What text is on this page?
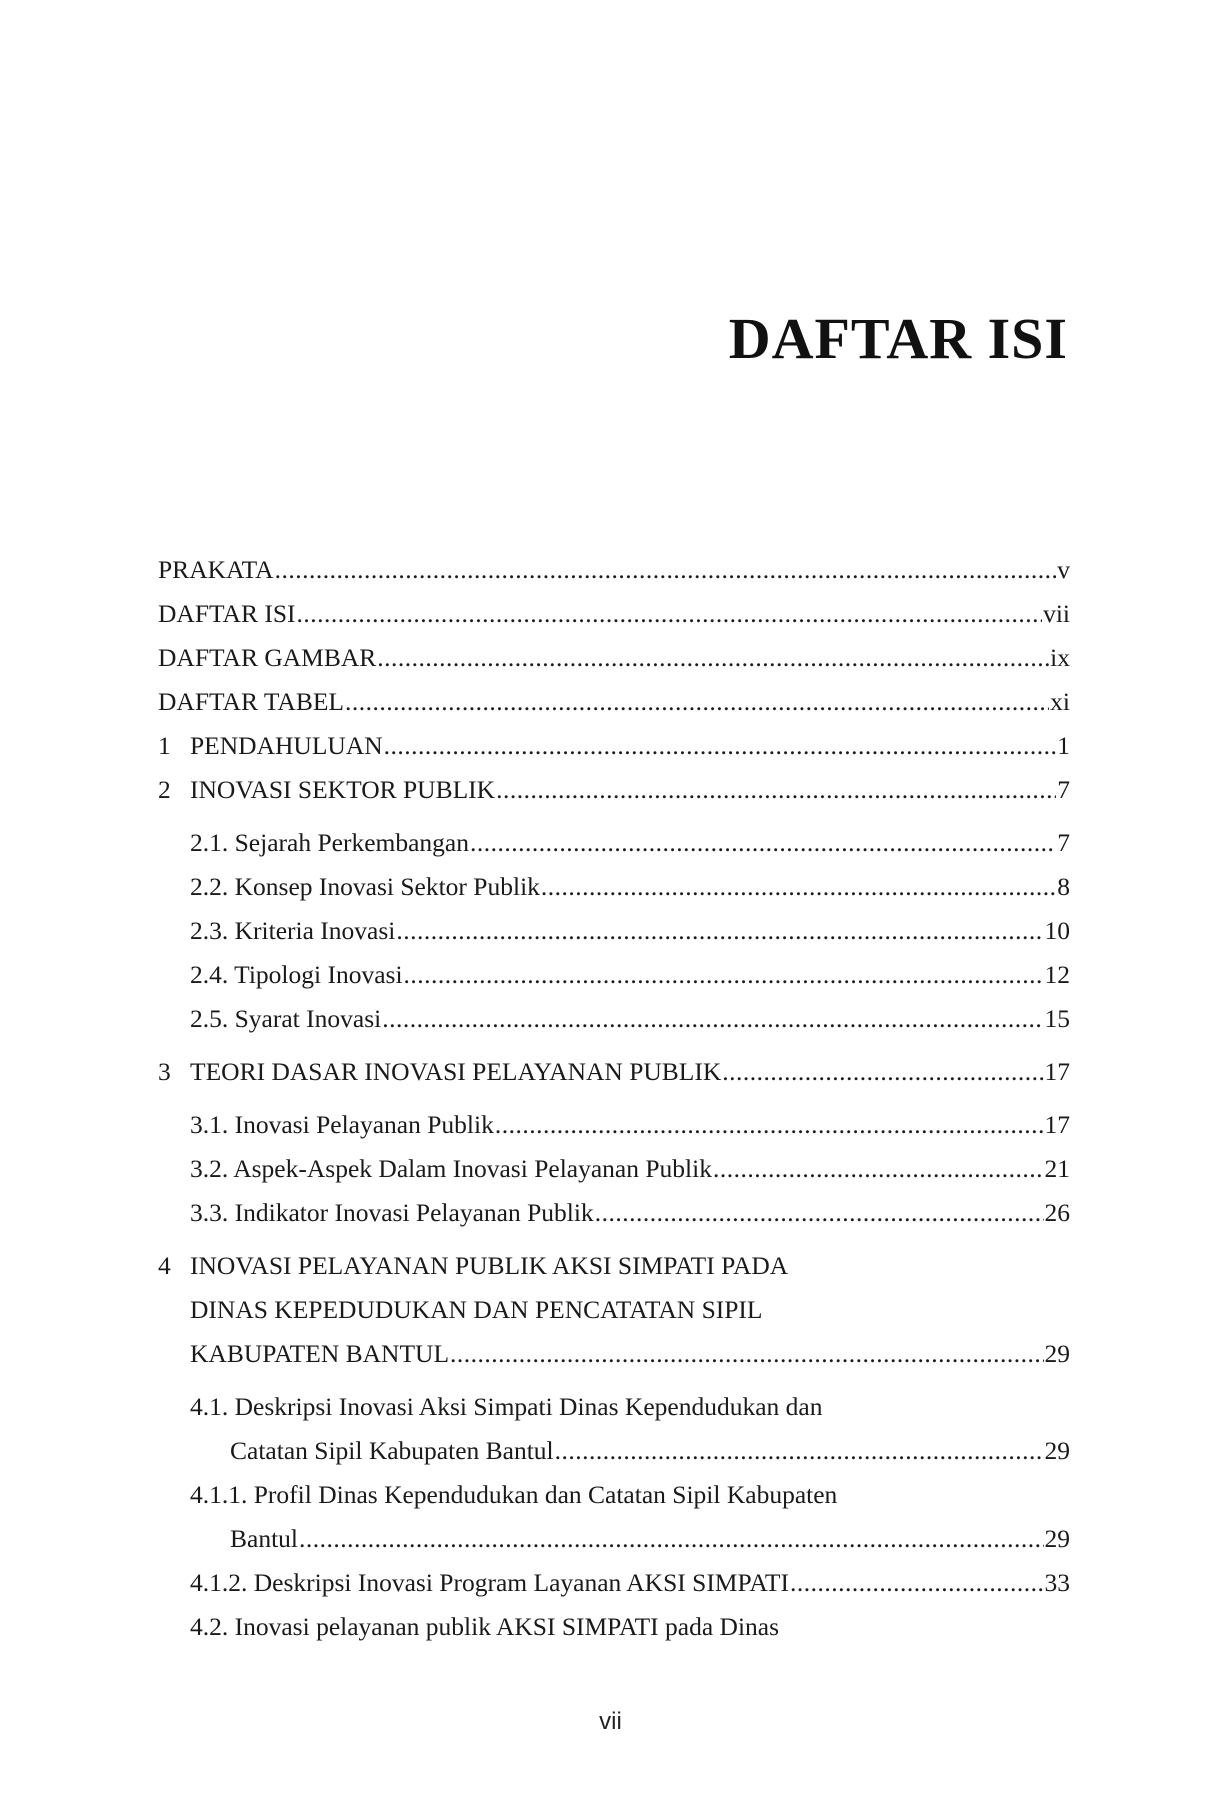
DAFTAR ISI
PRAKATA .....	v
DAFTAR ISI .....	vii
DAFTAR GAMBAR .....	ix
DAFTAR TABEL .....	xi
1 PENDAHULUAN .....	1
2 INOVASI SEKTOR PUBLIK .....	7
2.1. Sejarah Perkembangan .....	7
2.2. Konsep Inovasi Sektor Publik .....	8
2.3. Kriteria Inovasi .....	10
2.4. Tipologi Inovasi .....	12
2.5. Syarat Inovasi .....	15
3 TEORI DASAR INOVASI PELAYANAN PUBLIK .....	17
3.1. Inovasi Pelayanan Publik .....	17
3.2. Aspek-Aspek Dalam Inovasi Pelayanan Publik .....	21
3.3. Indikator Inovasi Pelayanan Publik .....	26
4 INOVASI PELAYANAN PUBLIK AKSI SIMPATI PADA
DINAS KEPEDUDUKAN DAN PENCATATAN SIPIL
KABUPATEN BANTUL .....	29
4.1. Deskripsi Inovasi Aksi Simpati Dinas Kependudukan dan
Catatan Sipil Kabupaten Bantul .....	29
4.1.1. Profil Dinas Kependudukan dan Catatan Sipil Kabupaten
Bantul .....	29
4.1.2. Deskripsi Inovasi Program Layanan AKSI SIMPATI .....	33
4.2. Inovasi pelayanan publik AKSI SIMPATI pada Dinas
vii
